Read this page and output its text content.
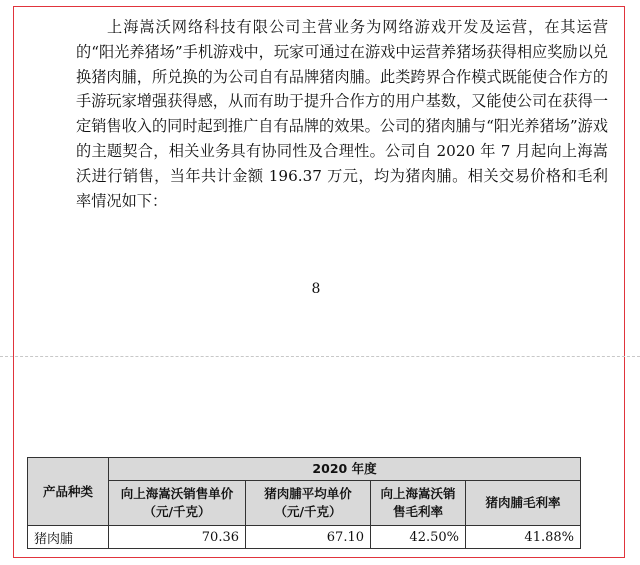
上海嵩沃网络科技有限公司主营业务为网络游戏开发及运营，在其运营的“阳光养猪场”手机游戏中，玩家可通过在游戏中运营养猪场获得相应奖励以兑换猪肉脯，所兑换的为公司自有品牌猪肉脯。此类跨界合作模式既能使合作方的手游玩家增强获得感，从而有助于提升合作方的用户基数，又能使公司在获得一定销售收入的同时起到推广自有品牌的效果。公司的猪肉脯与“阳光养猪场”游戏的主题契合，相关业务具有协同性及合理性。公司自 2020 年 7 月起向上海嵩沃进行销售，当年共计金额 196.37 万元，均为猪肉脯。相关交易价格和毛利率情况如下：

8
产品种类	2020 年度			
	向上海嵩沃销售单价（元/千克）	猪肉脯平均单价（元/千克）	向上海嵩沃销售毛利率	猪肉脯毛利率
猪肉脯	70.36	67.10	42.50%	41.88%
